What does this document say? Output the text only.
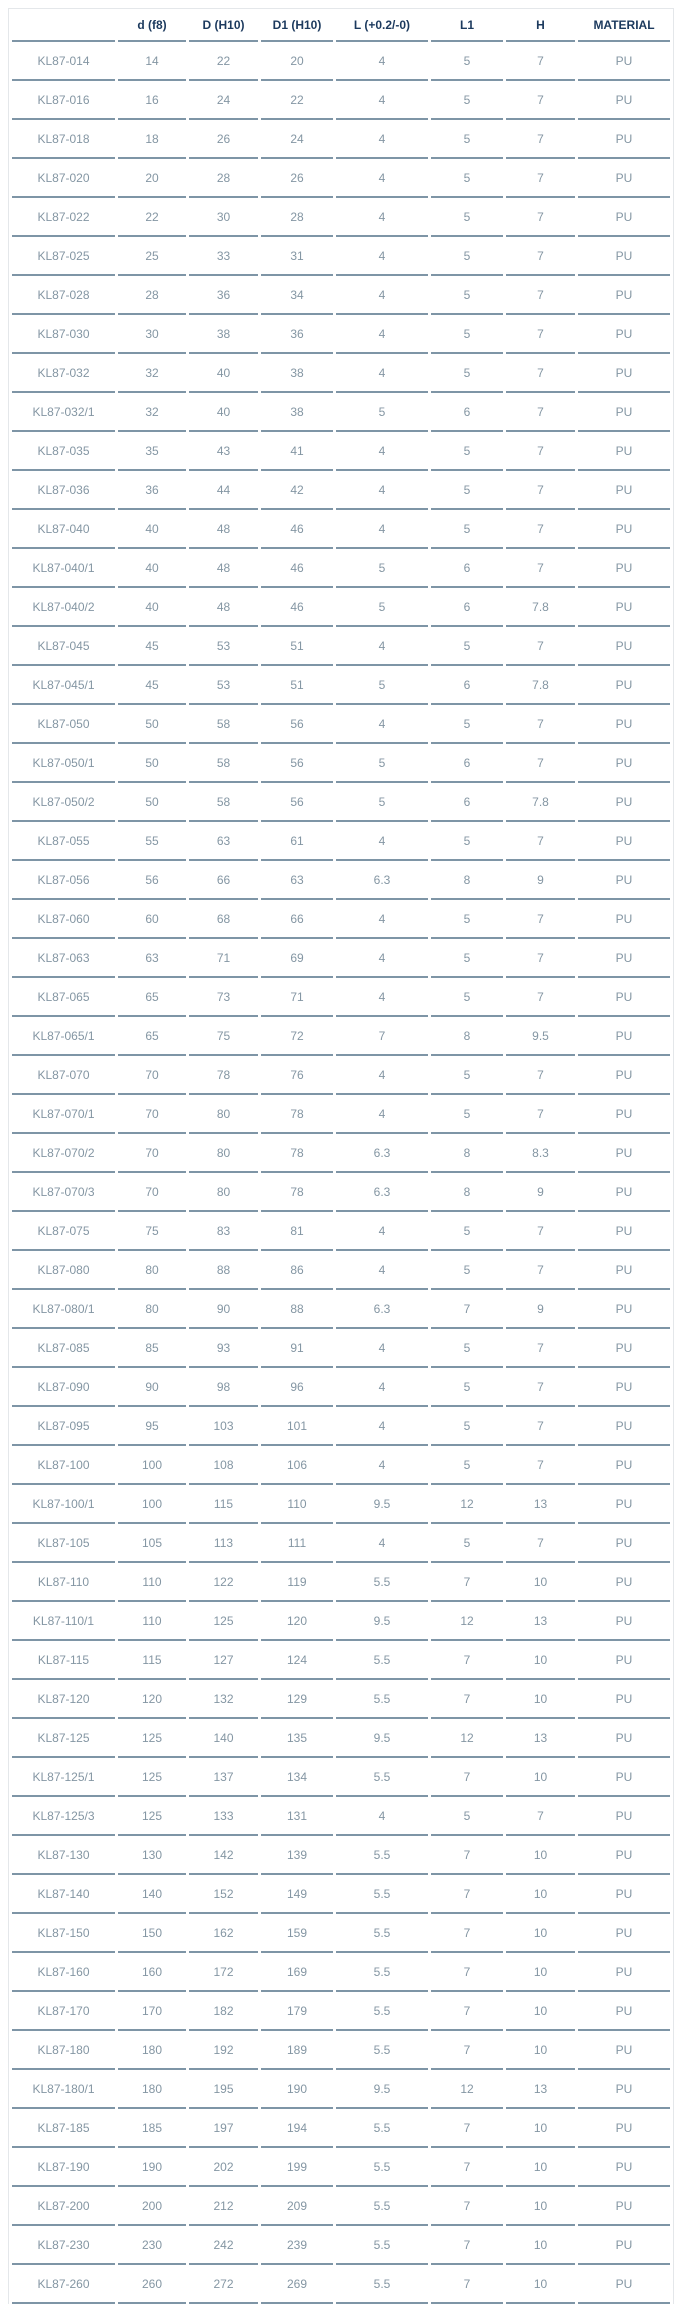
	d (f8)	D (H10)	D1 (H10)	L (+0.2/-0)	L1	H	MATERIAL
KL87-014	14	22	20	4	5	7	PU
KL87-016	16	24	22	4	5	7	PU
KL87-018	18	26	24	4	5	7	PU
KL87-020	20	28	26	4	5	7	PU
KL87-022	22	30	28	4	5	7	PU
KL87-025	25	33	31	4	5	7	PU
KL87-028	28	36	34	4	5	7	PU
KL87-030	30	38	36	4	5	7	PU
KL87-032	32	40	38	4	5	7	PU
KL87-032/1	32	40	38	5	6	7	PU
KL87-035	35	43	41	4	5	7	PU
KL87-036	36	44	42	4	5	7	PU
KL87-040	40	48	46	4	5	7	PU
KL87-040/1	40	48	46	5	6	7	PU
KL87-040/2	40	48	46	5	6	7.8	PU
KL87-045	45	53	51	4	5	7	PU
KL87-045/1	45	53	51	5	6	7.8	PU
KL87-050	50	58	56	4	5	7	PU
KL87-050/1	50	58	56	5	6	7	PU
KL87-050/2	50	58	56	5	6	7.8	PU
KL87-055	55	63	61	4	5	7	PU
KL87-056	56	66	63	6.3	8	9	PU
KL87-060	60	68	66	4	5	7	PU
KL87-063	63	71	69	4	5	7	PU
KL87-065	65	73	71	4	5	7	PU
KL87-065/1	65	75	72	7	8	9.5	PU
KL87-070	70	78	76	4	5	7	PU
KL87-070/1	70	80	78	4	5	7	PU
KL87-070/2	70	80	78	6.3	8	8.3	PU
KL87-070/3	70	80	78	6.3	8	9	PU
KL87-075	75	83	81	4	5	7	PU
KL87-080	80	88	86	4	5	7	PU
KL87-080/1	80	90	88	6.3	7	9	PU
KL87-085	85	93	91	4	5	7	PU
KL87-090	90	98	96	4	5	7	PU
KL87-095	95	103	101	4	5	7	PU
KL87-100	100	108	106	4	5	7	PU
KL87-100/1	100	115	110	9.5	12	13	PU
KL87-105	105	113	111	4	5	7	PU
KL87-110	110	122	119	5.5	7	10	PU
KL87-110/1	110	125	120	9.5	12	13	PU
KL87-115	115	127	124	5.5	7	10	PU
KL87-120	120	132	129	5.5	7	10	PU
KL87-125	125	140	135	9.5	12	13	PU
KL87-125/1	125	137	134	5.5	7	10	PU
KL87-125/3	125	133	131	4	5	7	PU
KL87-130	130	142	139	5.5	7	10	PU
KL87-140	140	152	149	5.5	7	10	PU
KL87-150	150	162	159	5.5	7	10	PU
KL87-160	160	172	169	5.5	7	10	PU
KL87-170	170	182	179	5.5	7	10	PU
KL87-180	180	192	189	5.5	7	10	PU
KL87-180/1	180	195	190	9.5	12	13	PU
KL87-185	185	197	194	5.5	7	10	PU
KL87-190	190	202	199	5.5	7	10	PU
KL87-200	200	212	209	5.5	7	10	PU
KL87-230	230	242	239	5.5	7	10	PU
KL87-260	260	272	269	5.5	7	10	PU
